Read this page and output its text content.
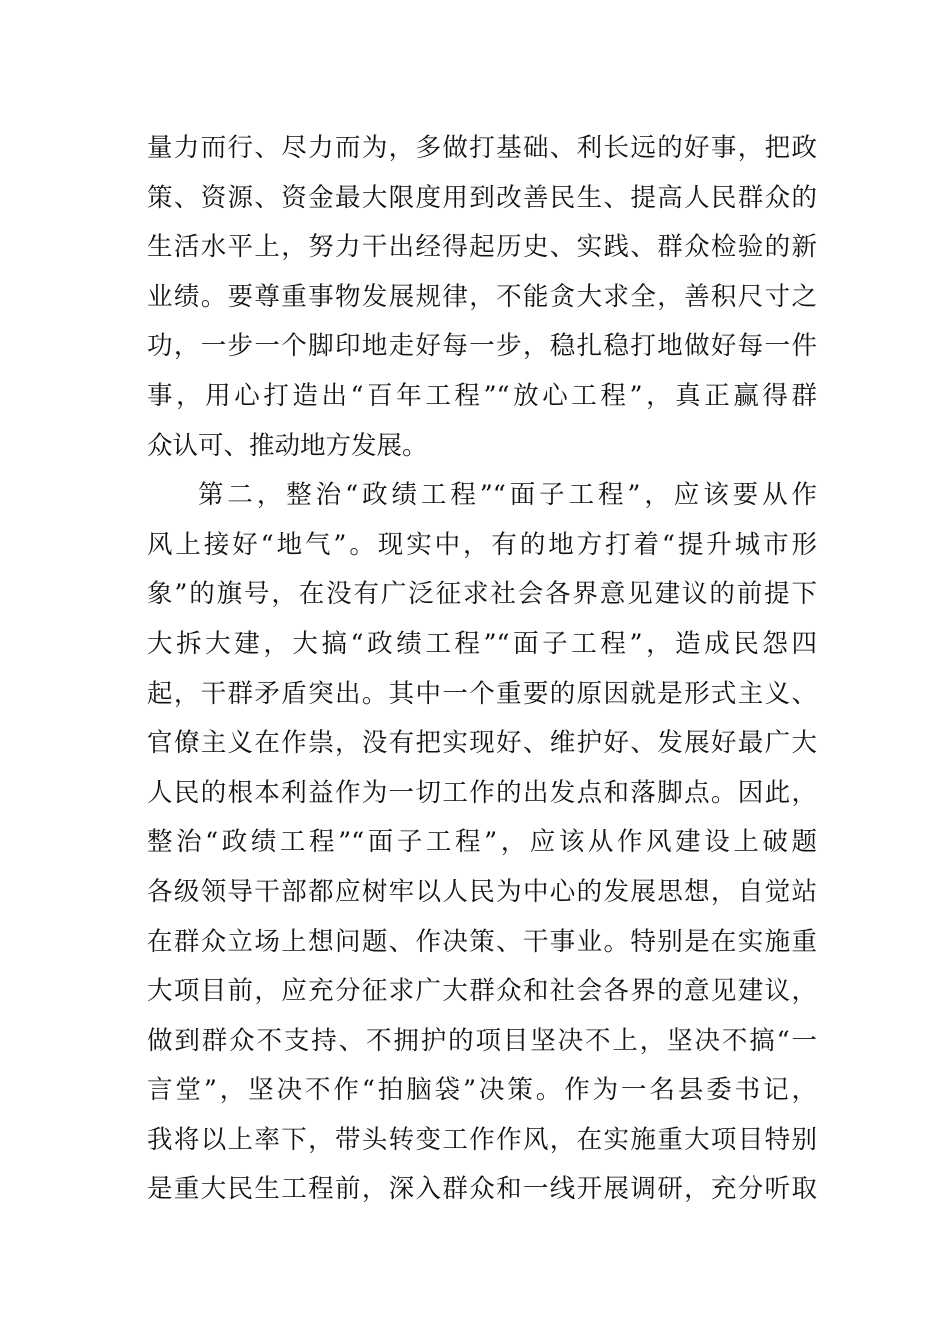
量力而行、尽力而为，多做打基础、利长远的好事，把政
策、资源、资金最大限度用到改善民生、提高人民群众的
生活水平上，努力干出经得起历史、实践、群众检验的新
业绩。要尊重事物发展规律，不能贪大求全，善积尺寸之
功，一步一个脚印地走好每一步，稳扎稳打地做好每一件
事，用心打造出“百年工程”“放心工程”，真正赢得群
众认可、推动地方发展。
第二，整治“政绩工程”“面子工程”，应该要从作
风上接好“地气”。现实中，有的地方打着“提升城市形
象”的旗号，在没有广泛征求社会各界意见建议的前提下
大拆大建，大搞“政绩工程”“面子工程”，造成民怨四
起，干群矛盾突出。其中一个重要的原因就是形式主义、
官僚主义在作祟，没有把实现好、维护好、发展好最广大
人民的根本利益作为一切工作的出发点和落脚点。因此，
整治“政绩工程”“面子工程”，应该从作风建设上破题
各级领导干部都应树牢以人民为中心的发展思想，自觉站
在群众立场上想问题、作决策、干事业。特别是在实施重
大项目前，应充分征求广大群众和社会各界的意见建议，
做到群众不支持、不拥护的项目坚决不上，坚决不搞“一
言堂”，坚决不作“拍脑袋”决策。作为一名县委书记，
我将以上率下，带头转变工作作风，在实施重大项目特别
是重大民生工程前，深入群众和一线开展调研，充分听取
